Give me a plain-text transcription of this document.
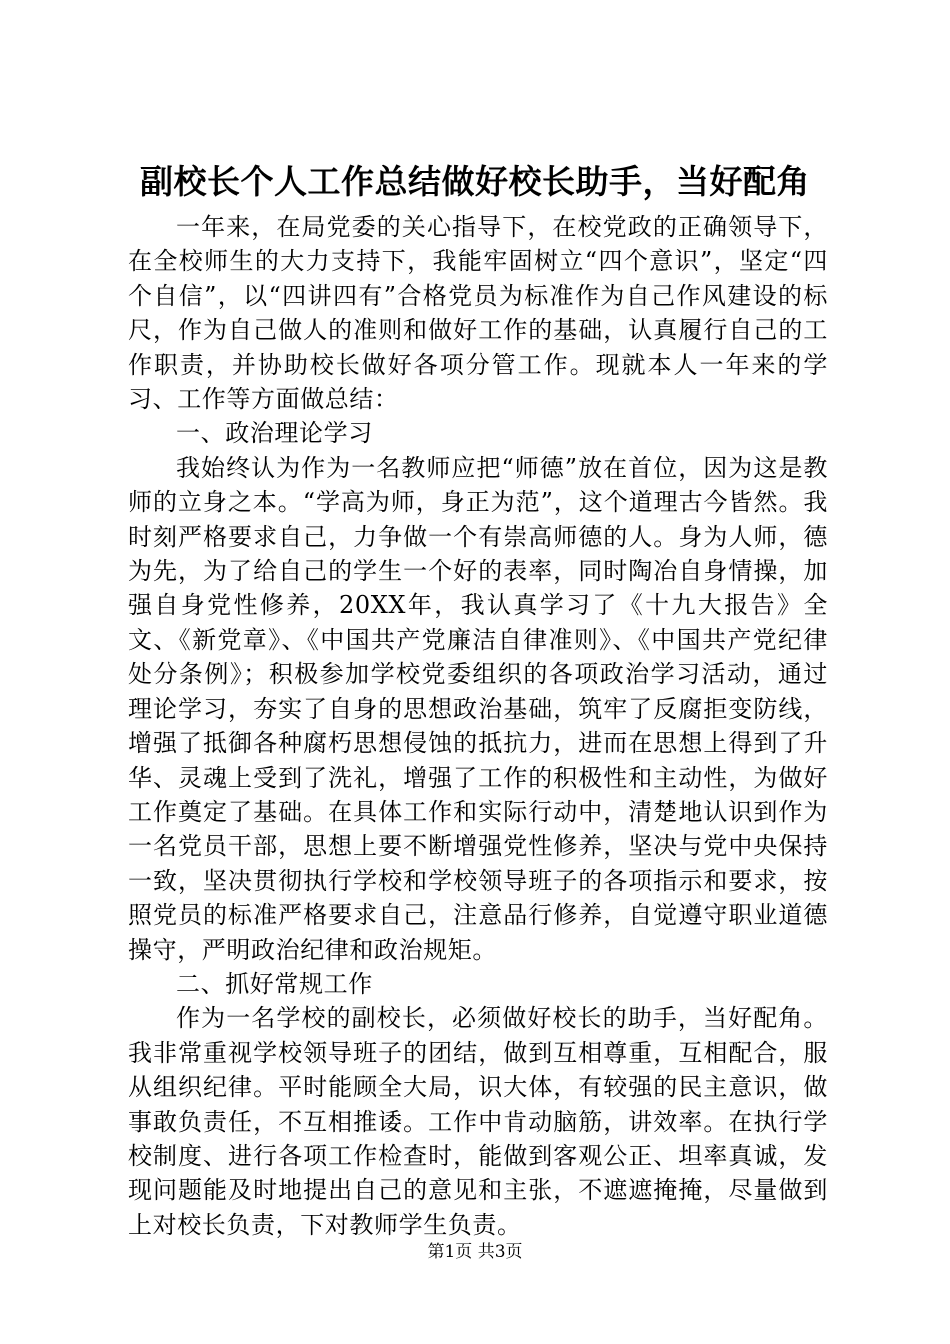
副校长个人工作总结做好校长助手，当好配角

一年来，在局党委的关心指导下，在校党政的正确领导下，在全校师生的大力支持下，我能牢固树立“四个意识”，坚定“四个自信”，以“四讲四有”合格党员为标准作为自己作风建设的标尺，作为自己做人的准则和做好工作的基础，认真履行自己的工作职责，并协助校长做好各项分管工作。现就本人一年来的学习、工作等方面做总结：

一、政治理论学习

我始终认为作为一名教师应把“师德”放在首位，因为这是教师的立身之本。“学高为师，身正为范”，这个道理古今皆然。我时刻严格要求自己，力争做一个有崇高师德的人。身为人师，德为先，为了给自己的学生一个好的表率，同时陶冶自身情操，加强自身党性修养，20XX年，我认真学习了《十九大报告》全文、《新党章》、《中国共产党廉洁自律准则》、《中国共产党纪律处分条例》；积极参加学校党委组织的各项政治学习活动，通过理论学习，夯实了自身的思想政治基础，筑牢了反腐拒变防线，增强了抵御各种腐朽思想侵蚀的抵抗力，进而在思想上得到了升华、灵魂上受到了洗礼，增强了工作的积极性和主动性，为做好工作奠定了基础。在具体工作和实际行动中，清楚地认识到作为一名党员干部，思想上要不断增强党性修养，坚决与党中央保持一致，坚决贯彻执行学校和学校领导班子的各项指示和要求，按照党员的标准严格要求自己，注意品行修养，自觉遵守职业道德操守，严明政治纪律和政治规矩。

二、抓好常规工作

作为一名学校的副校长，必须做好校长的助手，当好配角。我非常重视学校领导班子的团结，做到互相尊重，互相配合，服从组织纪律。平时能顾全大局，识大体，有较强的民主意识，做事敢负责任，不互相推诿。工作中肯动脑筋，讲效率。在执行学校制度、进行各项工作检查时，能做到客观公正、坦率真诚，发现问题能及时地提出自己的意见和主张，不遮遮掩掩，尽量做到上对校长负责，下对教师学生负责。

第1页 共3页
